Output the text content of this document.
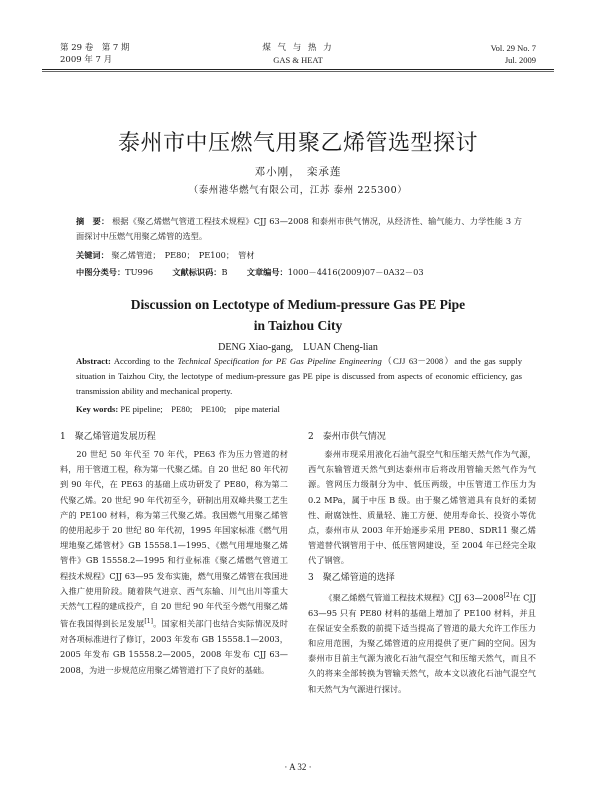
第 29 卷　第 7 期
2009 年 7 月
煤 气 与 热 力
GAS & HEAT
Vol. 29 No. 7
Jul. 2009
泰州市中压燃气用聚乙烯管选型探讨
邓小刚，　栾承莲
（泰州港华燃气有限公司，江苏 泰州 225300）
摘　要： 根据《聚乙烯燃气管道工程技术规程》CJJ 63—2008 和泰州市供气情况，从经济性、输气能力、力学性能 3 方面探讨中压燃气用聚乙烯管的选型。
关键词： 聚乙烯管道；　PE80；　PE100；　管材
中图分类号：TU996 文献标识码：B 文章编号：1000－4416(2009)07－0A32－03
Discussion on Lectotype of Medium-pressure Gas PE Pipe
in Taizhou City
DENG Xiao-gang,　LUAN Cheng-lian
Abstract: According to the Technical Specification for PE Gas Pipeline Engineering（CJJ 63－2008）and the gas supply situation in Taizhou City, the lectotype of medium-pressure gas PE pipe is discussed from aspects of economic efficiency, gas transmission ability and mechanical property.
Key words: PE pipeline;　PE80;　PE100;　pipe material
1　聚乙烯管道发展历程
20 世纪 50 年代至 70 年代，PE63 作为压力管道的材料，用于管道工程，称为第一代聚乙烯。自 20 世纪 80 年代初到 90 年代，在 PE63 的基础上成功研发了 PE80，称为第二代聚乙烯。20 世纪 90 年代初至今，研制出用双峰共聚工艺生产的 PE100 材料，称为第三代聚乙烯。我国燃气用聚乙烯管的使用起步于 20 世纪 80 年代初，1995 年国家标准《燃气用埋地聚乙烯管材》GB 15558.1—1995、《燃气用埋地聚乙烯管件》GB 15558.2—1995 和行业标准《聚乙烯燃气管道工程技术规程》CJJ 63—95 发布实施，燃气用聚乙烯管在我国进入推广使用阶段。随着陕气进京、西气东输、川气出川等重大天然气工程的建成投产，自 20 世纪 90 年代至今燃气用聚乙烯管在我国得到长足发展[1]。国家相关部门也结合实际情况及时对各项标准进行了修订，2003 年发布 GB 15558.1—2003，2005 年发布 GB 15558.2—2005，2008 年发布 CJJ 63—2008，为进一步规范应用聚乙烯管道打下了良好的基础。
2　泰州市供气情况
泰州市现采用液化石油气混空气和压缩天然气作为气源，西气东输管道天然气到达泰州市后将改用管输天然气作为气源。管网压力级制分为中、低压两级，中压管道工作压力为 0.2 MPa，属于中压 B 级。由于聚乙烯管道具有良好的柔韧性、耐腐蚀性、质量轻、施工方便、使用寿命长、投资小等优点，泰州市从 2003 年开始逐步采用 PE80、SDR11 聚乙烯管道替代钢管用于中、低压管网建设，至 2004 年已经完全取代了钢管。
3　聚乙烯管道的选择
《聚乙烯燃气管道工程技术规程》CJJ 63—2008[2]在 CJJ 63—95 只有 PE80 材料的基础上增加了 PE100 材料，并且在保证安全系数的前提下适当提高了管道的最大允许工作压力和应用范围，为聚乙烯管道的应用提供了更广阔的空间。因为泰州市目前主气源为液化石油气混空气和压缩天然气，而且不久的将来全部转换为管输天然气，故本文以液化石油气混空气和天然气为气源进行探讨。
· A 32 ·
